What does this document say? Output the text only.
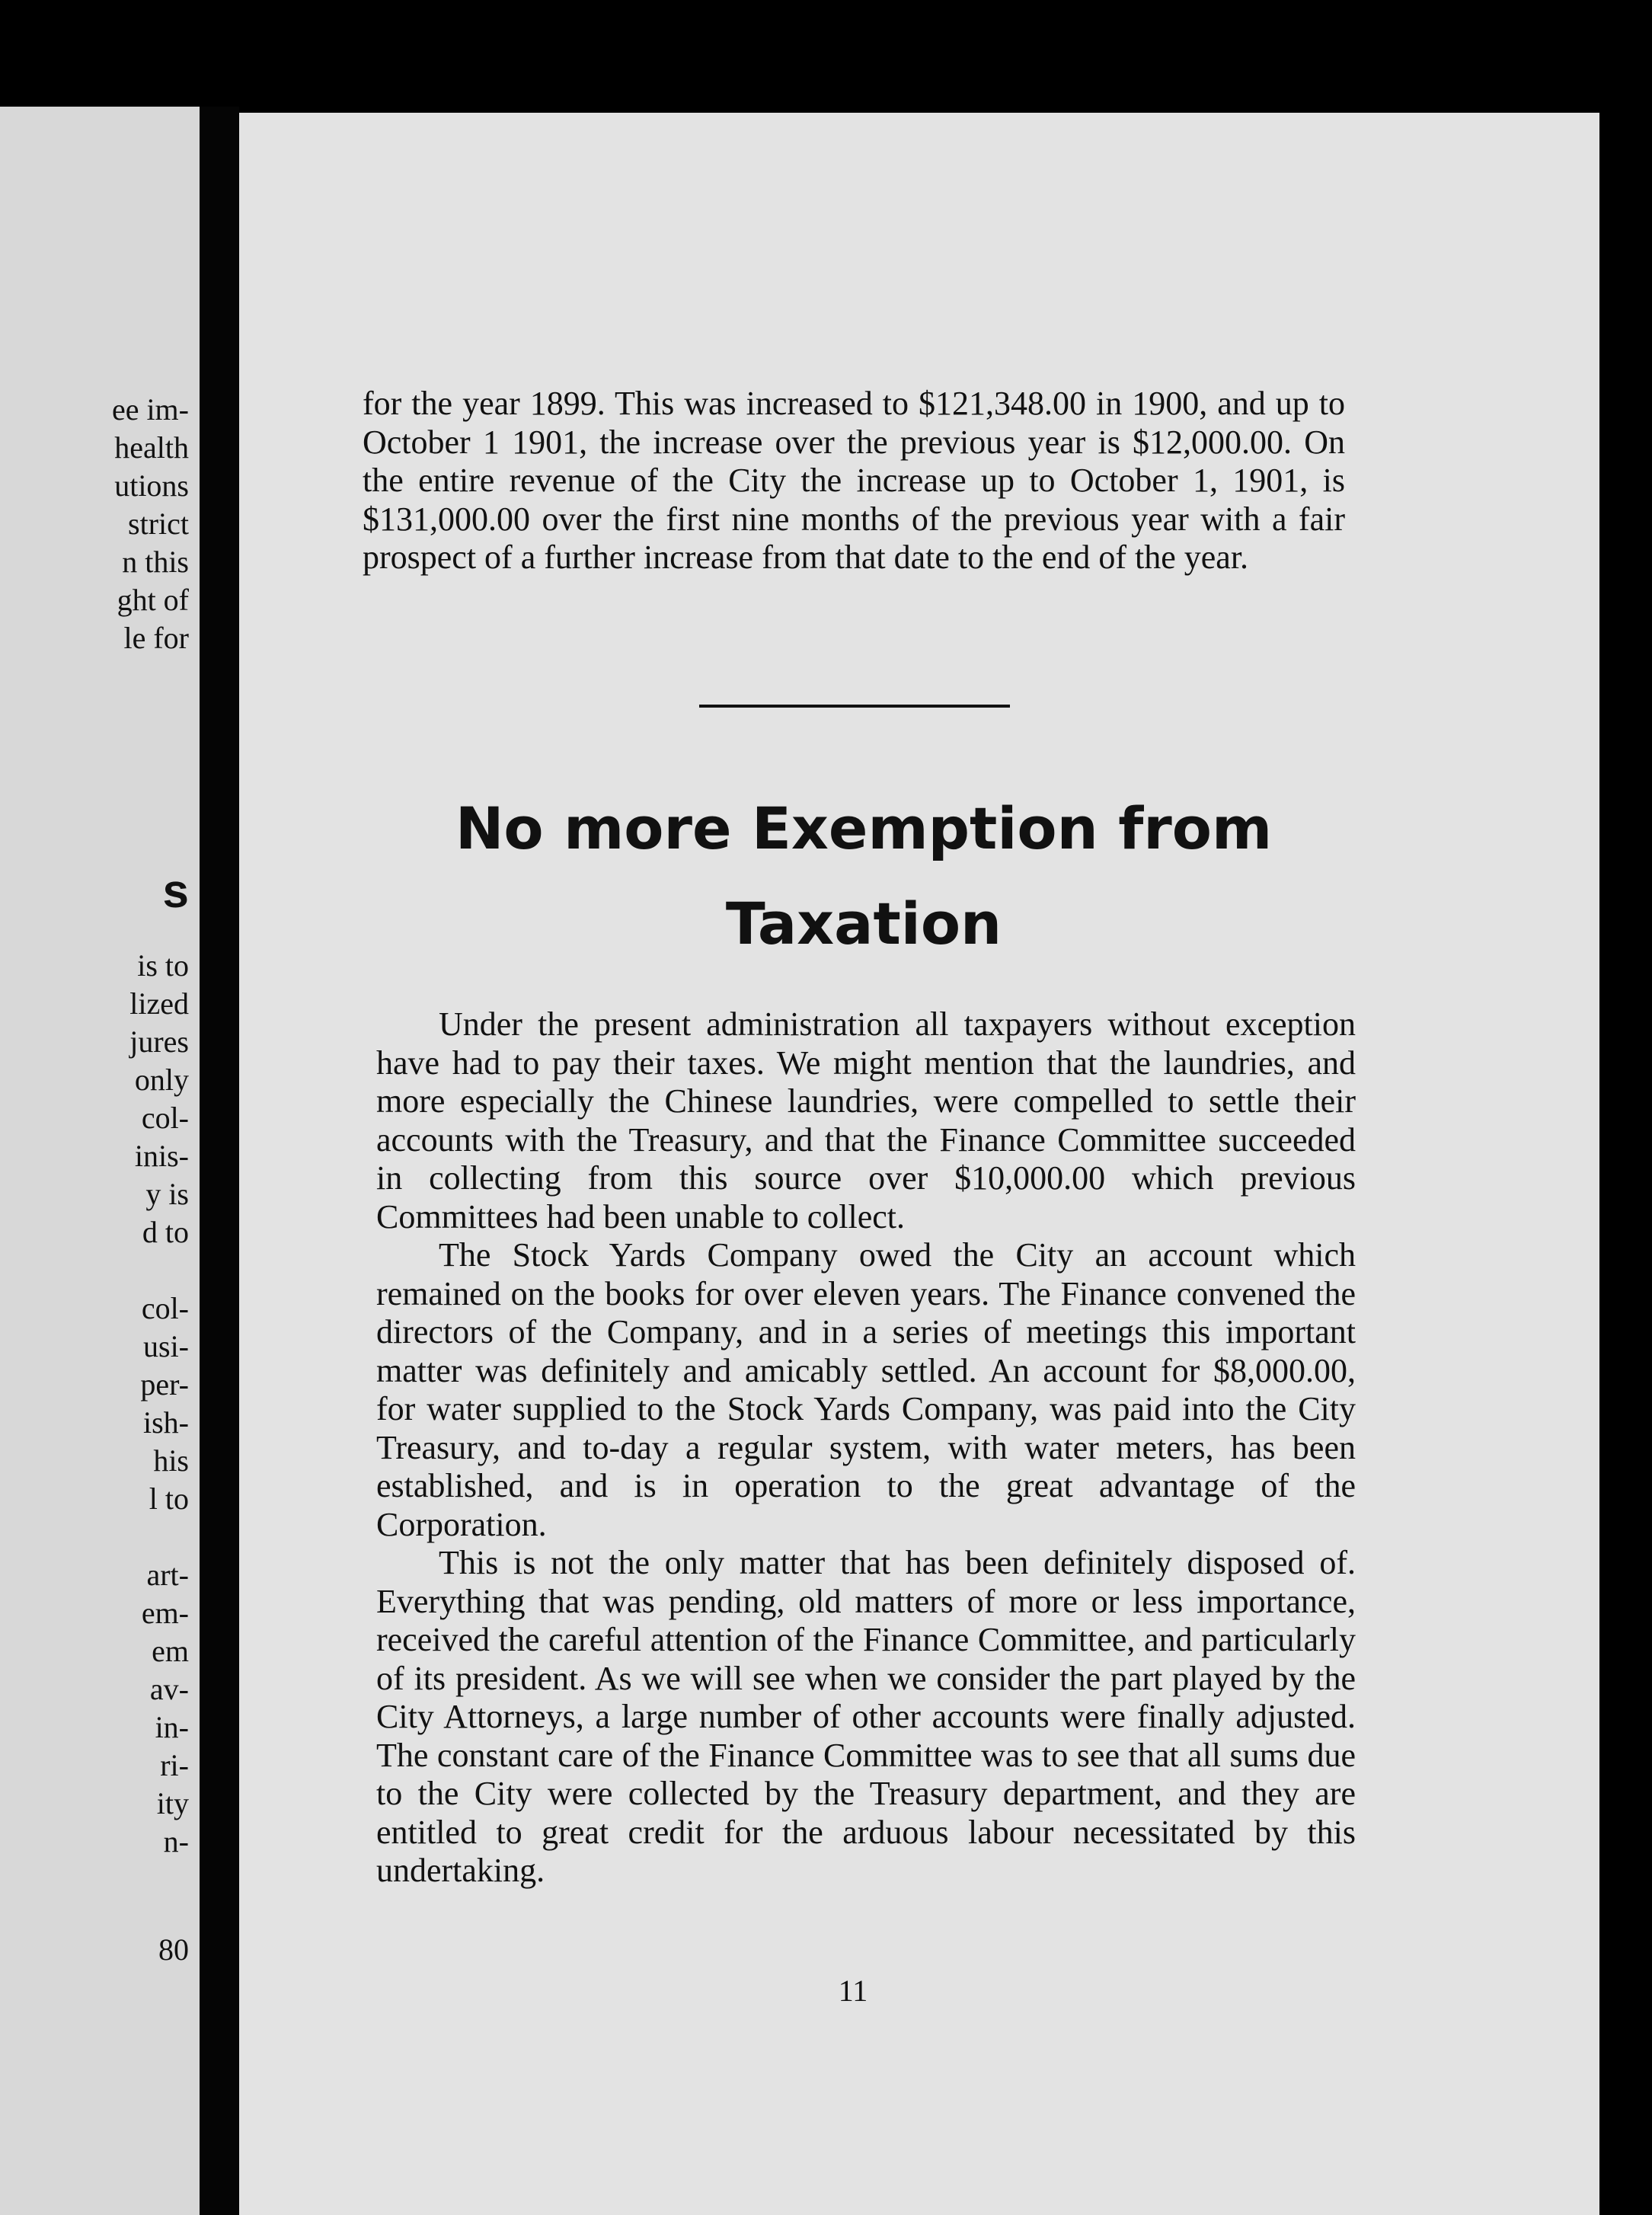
ee im-
health
utions
strict
n this
ght of
le for
s
is to
lized
jures
only
col-
inis-
y is
d to
col-
usi-
per-
ish-
his
l to
art-
em-
em
av-
in-
ri-
ity
n-
80

for the year 1899. This was increased to $121,348.00 in 1900, and up to October 1 1901, the increase over the previous year is $12,000.00. On the entire revenue of the City the increase up to October 1, 1901, is $131,000.00 over the first nine months of the previous year with a fair prospect of a further increase from that date to the end of the year.

No more Exemption from
Taxation

Under the present administration all taxpayers without exception have had to pay their taxes. We might mention that the laundries, and more especially the Chinese laundries, were compelled to settle their accounts with the Treasury, and that the Finance Committee succeeded in collecting from this source over $10,000.00 which previous Committees had been unable to collect.

The Stock Yards Company owed the City an account which remained on the books for over eleven years. The Finance convened the directors of the Company, and in a series of meetings this important matter was definitely and amicably settled. An account for $8,000.00, for water supplied to the Stock Yards Company, was paid into the City Treasury, and to-day a regular system, with water meters, has been established, and is in operation to the great advantage of the Corporation.

This is not the only matter that has been definitely disposed of. Everything that was pending, old matters of more or less importance, received the careful attention of the Finance Committee, and particularly of its president. As we will see when we consider the part played by the City Attorneys, a large number of other accounts were finally adjusted. The constant care of the Finance Committee was to see that all sums due to the City were collected by the Treasury department, and they are entitled to great credit for the arduous labour necessitated by this undertaking.

11
